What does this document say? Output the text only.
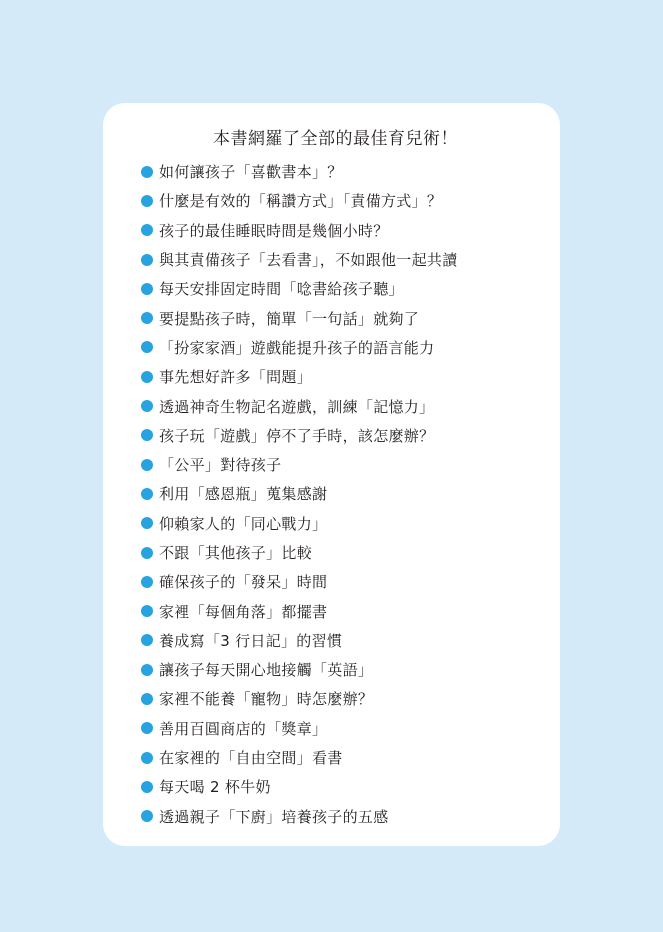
本書網羅了全部的最佳育兒術！
如何讓孩子「喜歡書本」？
什麼是有效的「稱讚方式」「責備方式」？
孩子的最佳睡眠時間是幾個小時？
與其責備孩子「去看書」，不如跟他一起共讀
每天安排固定時間「唸書給孩子聽」
要提點孩子時，簡單「一句話」就夠了
「扮家家酒」遊戲能提升孩子的語言能力
事先想好許多「問題」
透過神奇生物記名遊戲，訓練「記憶力」
孩子玩「遊戲」停不了手時，該怎麼辦？
「公平」對待孩子
利用「感恩瓶」蒐集感謝
仰賴家人的「同心戰力」
不跟「其他孩子」比較
確保孩子的「發呆」時間
家裡「每個角落」都擺書
養成寫「3 行日記」的習慣
讓孩子每天開心地接觸「英語」
家裡不能養「寵物」時怎麼辦？
善用百圓商店的「獎章」
在家裡的「自由空間」看書
每天喝 2 杯牛奶
透過親子「下廚」培養孩子的五感
